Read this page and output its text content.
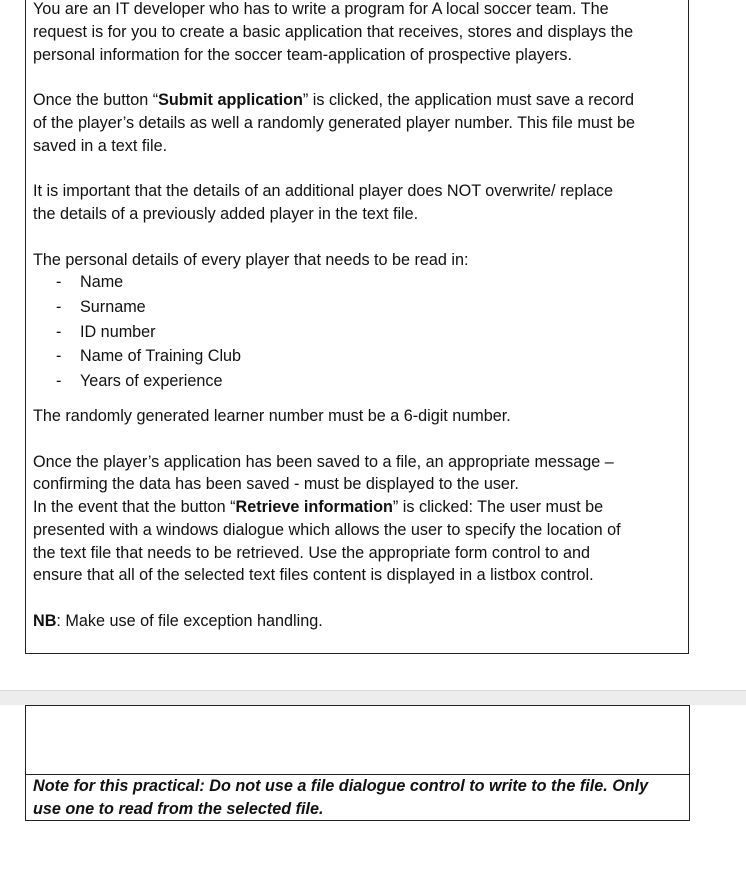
You are an IT developer who has to write a program for A local soccer team. The
request is for you to create a basic application that receives, stores and displays the
personal information for the soccer team-application of prospective players.
Once the button “Submit application” is clicked, the application must save a record
of the player’s details as well a randomly generated player number. This file must be
saved in a text file.
It is important that the details of an additional player does NOT overwrite/ replace
the details of a previously added player in the text file.
The personal details of every player that needs to be read in:
- Name
- Surname
- ID number
- Name of Training Club
- Years of experience
The randomly generated learner number must be a 6-digit number.
Once the player’s application has been saved to a file, an appropriate message –
confirming the data has been saved - must be displayed to the user.
In the event that the button “Retrieve information” is clicked: The user must be
presented with a windows dialogue which allows the user to specify the location of
the text file that needs to be retrieved. Use the appropriate form control to and
ensure that all of the selected text files content is displayed in a listbox control.
NB: Make use of file exception handling.
Note for this practical: Do not use a file dialogue control to write to the file. Only
use one to read from the selected file.
